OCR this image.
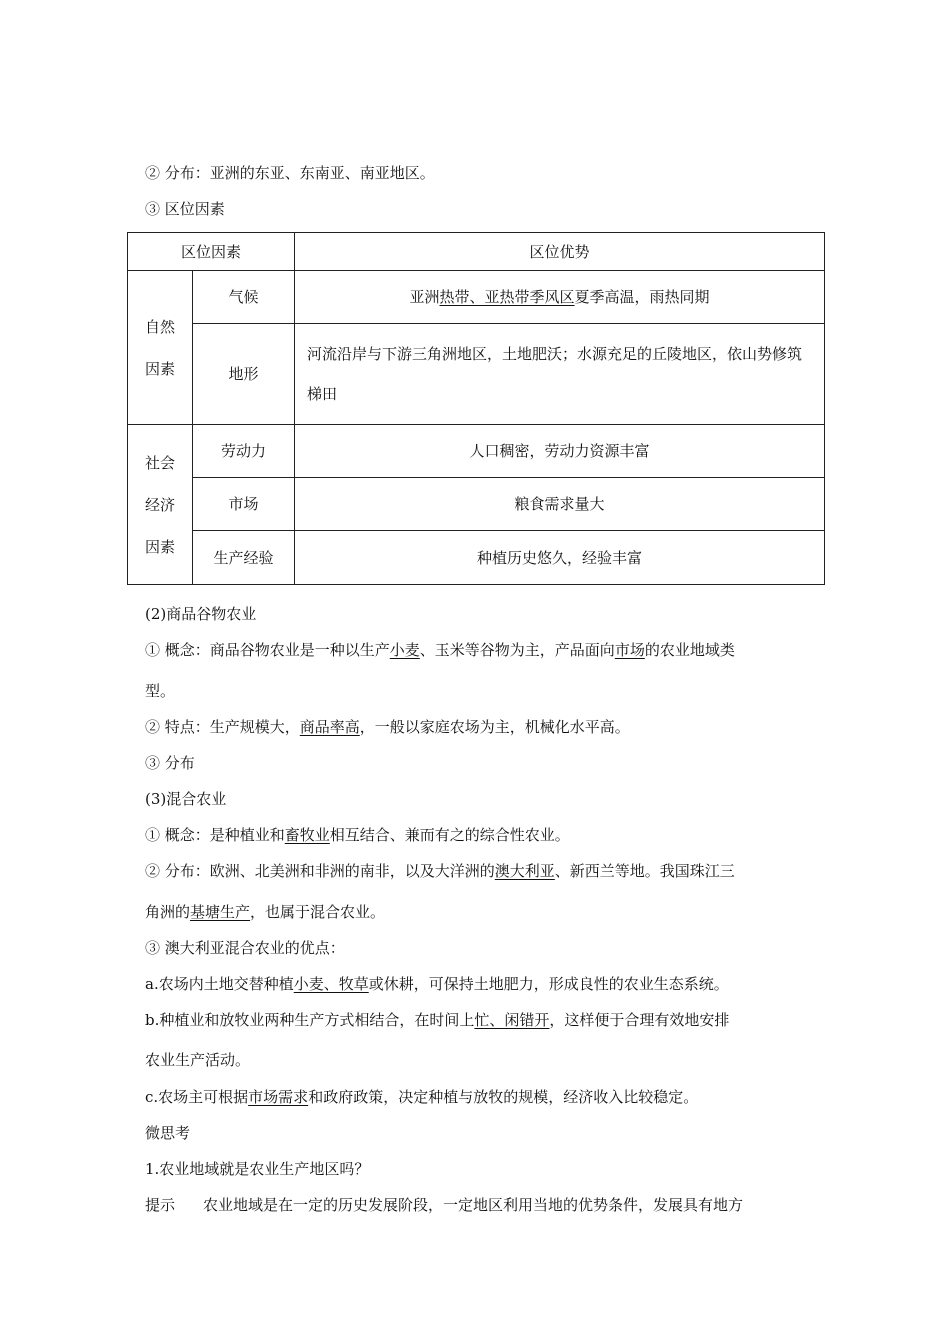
② 分布：亚洲的东亚、东南亚、南亚地区。
③ 区位因素
区位因素		区位优势

自然
因素	气候	亚洲热带、亚热带季风区夏季高温，雨热同期
	地形	河流沿岸与下游三角洲地区，土地肥沃；水源充足的丘陵地区，依山势修筑梯田

社会
经济
因素	劳动力	人口稠密，劳动力资源丰富
	市场	粮食需求量大
	生产经验	种植历史悠久，经验丰富
(2)商品谷物农业
① 概念：商品谷物农业是一种以生产小麦、玉米等谷物为主，产品面向市场的农业地域类
型。
② 特点：生产规模大，商品率高，一般以家庭农场为主，机械化水平高。
③ 分布
(3)混合农业
① 概念：是种植业和畜牧业相互结合、兼而有之的综合性农业。
② 分布：欧洲、北美洲和非洲的南非，以及大洋洲的澳大利亚、新西兰等地。我国珠江三
角洲的基塘生产，也属于混合农业。
③ 澳大利亚混合农业的优点：
a.农场内土地交替种植小麦、牧草或休耕，可保持土地肥力，形成良性的农业生态系统。
b.种植业和放牧业两种生产方式相结合，在时间上忙、闲错开，这样便于合理有效地安排
农业生产活动。
c.农场主可根据市场需求和政府政策，决定种植与放牧的规模，经济收入比较稳定。
微思考
1.农业地域就是农业生产地区吗？
提示 农业地域是在一定的历史发展阶段，一定地区利用当地的优势条件，发展具有地方
